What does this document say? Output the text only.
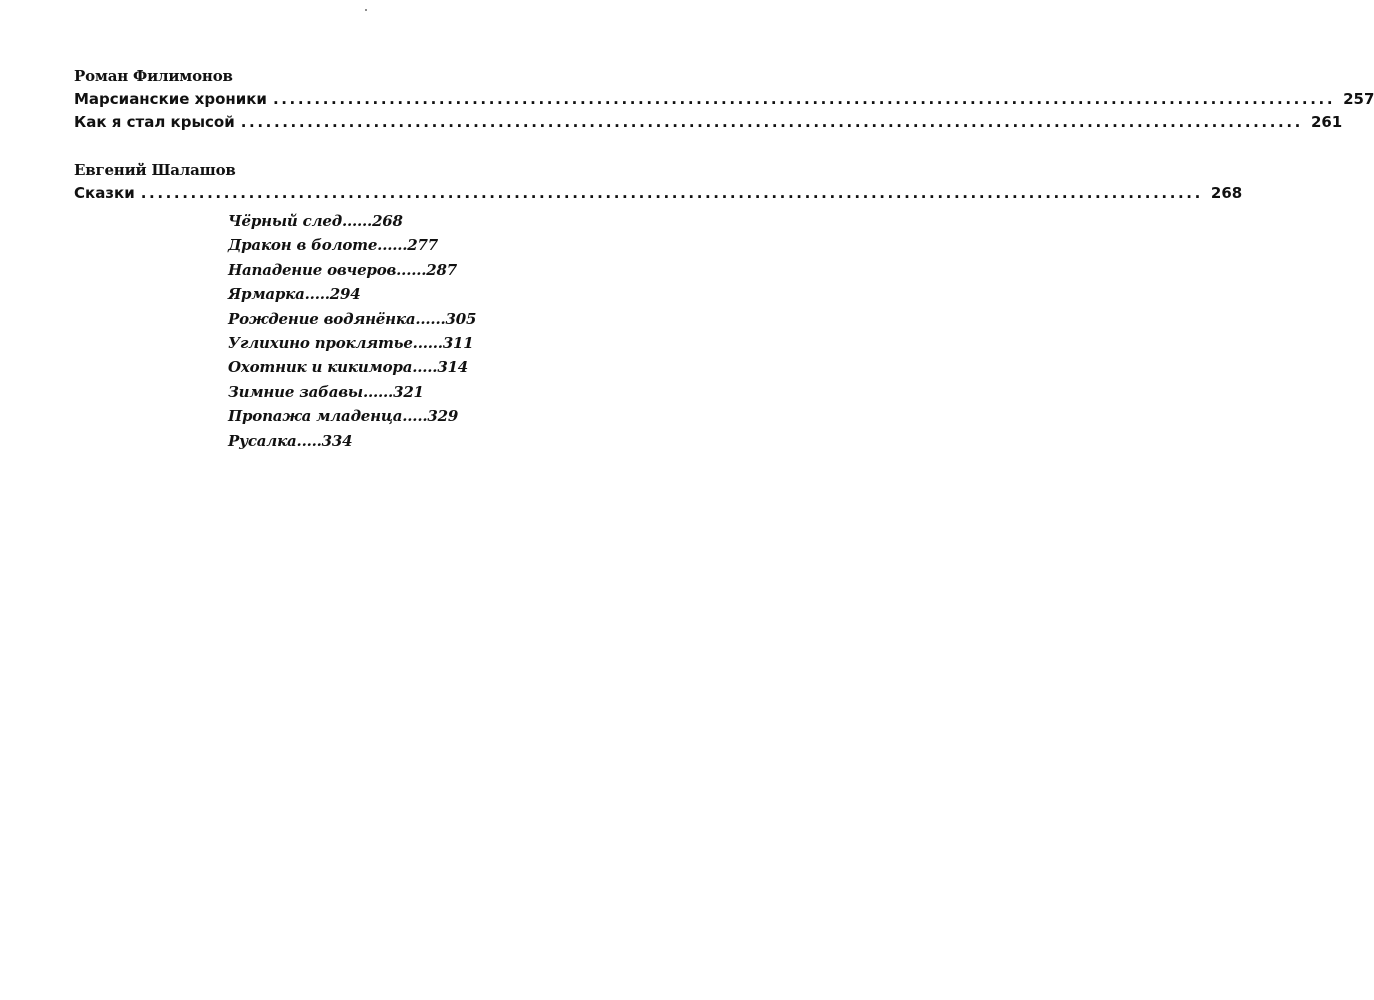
Роман Филимонов
Марсианские хроники ................................................................................................................................ 257
Как я стал крысой ................................................................................................................................ 261
Евгений Шалашов
Сказки ................................................................................................................................ 268
Чёрный след......268
Дракон в болоте......277
Нападение овчеров......287
Ярмарка.....294
Рождение водянёнка......305
Углихино проклятье......311
Охотник и кикимора.....314
Зимние забавы......321
Пропажа младенца.....329
Русалка.....334
